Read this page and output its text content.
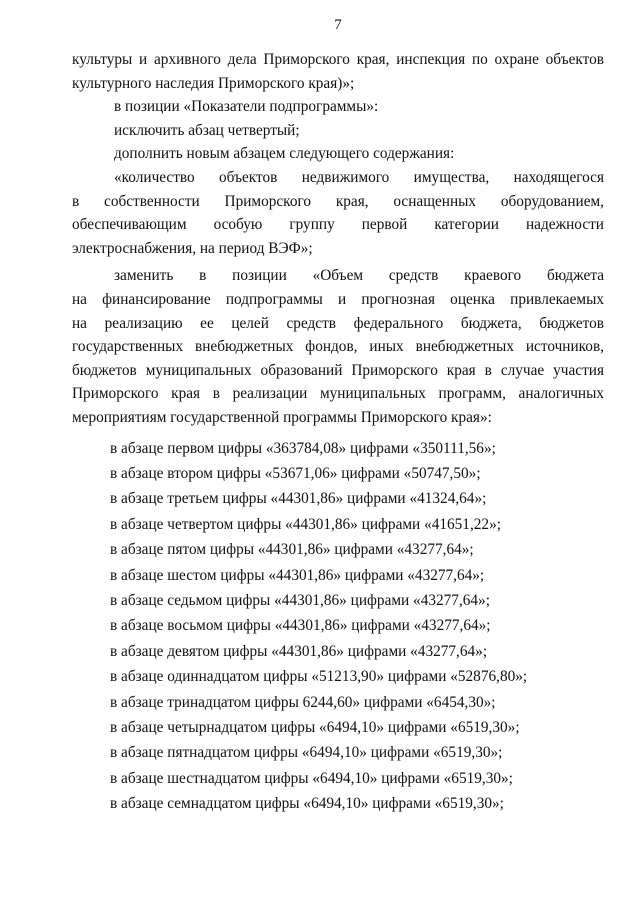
7

культуры и архивного дела Приморского края, инспекция по охране объектов

культурного наследия Приморского края)»;

в позиции «Показатели подпрограммы»:

исключить абзац четвертый;

дополнить новым абзацем следующего содержания:

«количество объектов недвижимого имущества, находящегося

в собственности Приморского края, оснащенных оборудованием,

обеспечивающим особую группу первой категории надежности

электроснабжения, на период ВЭФ»;

заменить в позиции «Объем средств краевого бюджета

на финансирование подпрограммы и прогнозная оценка привлекаемых

на реализацию ее целей средств федерального бюджета, бюджетов

государственных внебюджетных фондов, иных внебюджетных источников,

бюджетов муниципальных образований Приморского края в случае участия

Приморского края в реализации муниципальных программ, аналогичных

мероприятиям государственной программы Приморского края»:

в абзаце первом цифры «363784,08» цифрами «350111,56»;

в абзаце втором цифры «53671,06» цифрами «50747,50»;

в абзаце третьем цифры «44301,86» цифрами «41324,64»;

в абзаце четвертом цифры «44301,86» цифрами «41651,22»;

в абзаце пятом цифры «44301,86» цифрами «43277,64»;

в абзаце шестом цифры «44301,86» цифрами «43277,64»;

в абзаце седьмом цифры «44301,86» цифрами «43277,64»;

в абзаце восьмом цифры «44301,86» цифрами «43277,64»;

в абзаце девятом цифры «44301,86» цифрами «43277,64»;

в абзаце одиннадцатом цифры «51213,90» цифрами «52876,80»;

в абзаце тринадцатом цифры 6244,60» цифрами «6454,30»;

в абзаце четырнадцатом цифры «6494,10» цифрами «6519,30»;

в абзаце пятнадцатом цифры «6494,10» цифрами «6519,30»;

в абзаце шестнадцатом цифры «6494,10» цифрами «6519,30»;

в абзаце семнадцатом цифры «6494,10» цифрами «6519,30»;
